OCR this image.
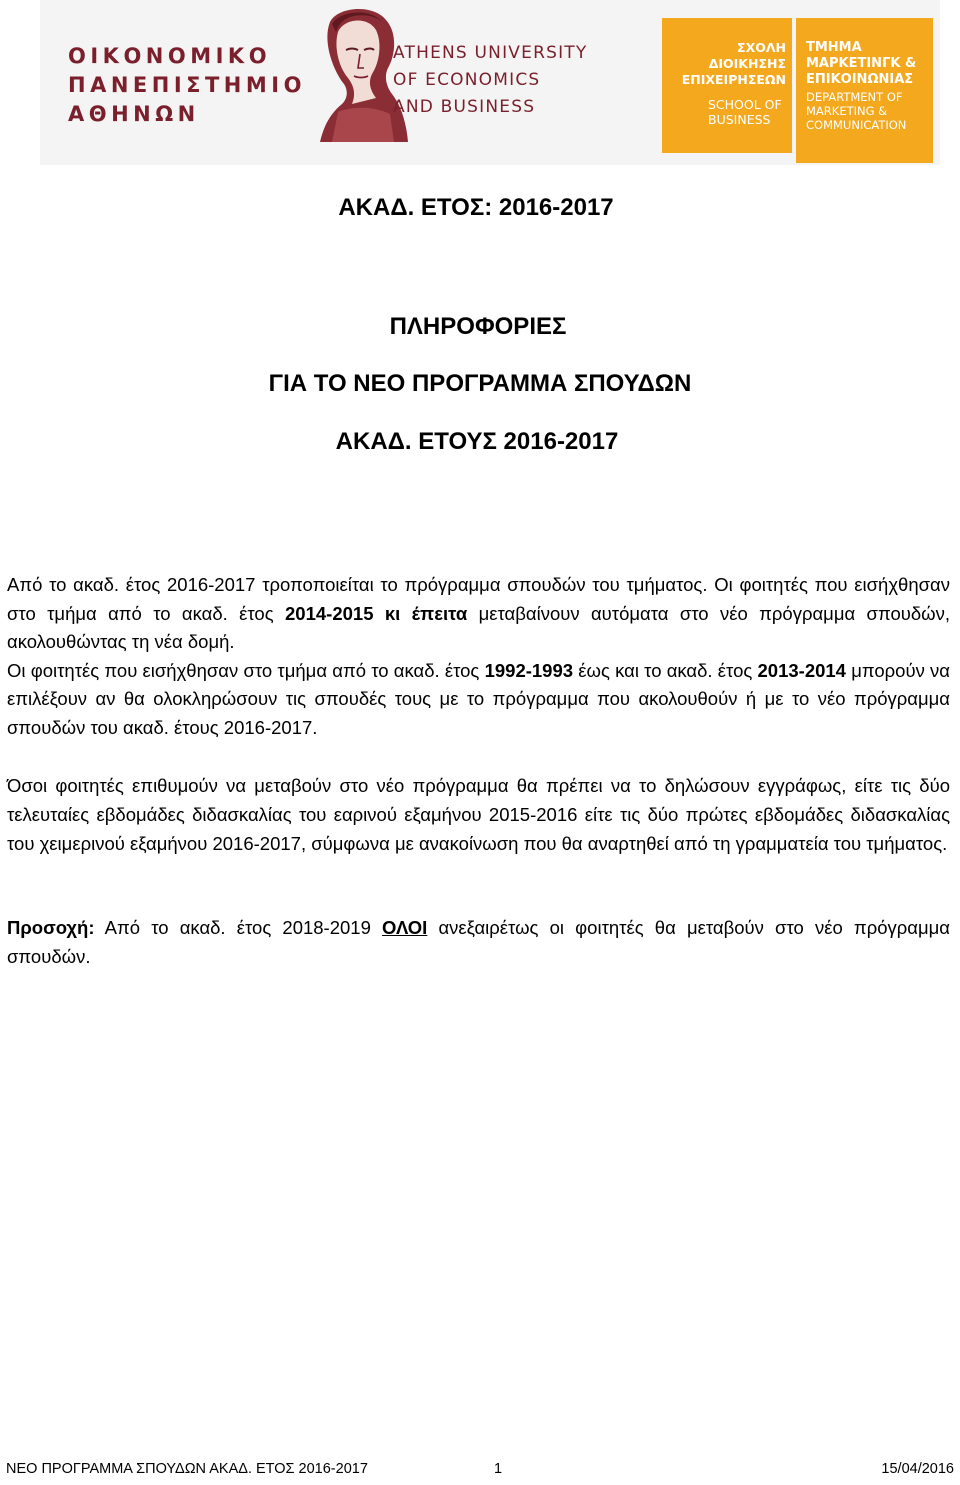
ΟΙΚΟΝΟΜΙΚΟ
ΠΑΝΕΠΙΣΤΗΜΙΟ
ΑΘΗΝΩΝ
ATHENS UNIVERSITY
OF ECONOMICS
AND BUSINESS
ΣΧΟΛΗ
ΔΙΟΙΚΗΣΗΣ
ΕΠΙΧΕΙΡΗΣΕΩΝ
SCHOOL OF
BUSINESS
ΤΜΗΜΑ
ΜΑΡΚΕΤΙΝΓΚ &
ΕΠΙΚΟΙΝΩΝΙΑΣ
DEPARTMENT OF
MARKETING &
COMMUNICATION
ΑΚΑΔ. ΕΤΟΣ: 2016-2017
ΠΛΗΡΟΦΟΡΙΕΣ
ΓΙΑ ΤΟ ΝΕΟ ΠΡΟΓΡΑΜΜΑ ΣΠΟΥΔΩΝ
ΑΚΑΔ. ΕΤΟΥΣ 2016-2017
Από το ακαδ. έτος 2016-2017 τροποποιείται το πρόγραμμα σπουδών του τμήματος. Οι φοιτητές που εισήχθησαν στο τμήμα από το ακαδ. έτος 2014-2015 κι έπειτα μεταβαίνουν αυτόματα στο νέο πρόγραμμα σπουδών, ακολουθώντας τη νέα δομή.
Οι φοιτητές που εισήχθησαν στο τμήμα από το ακαδ. έτος 1992-1993 έως και το ακαδ. έτος 2013-2014 μπορούν να επιλέξουν αν θα ολοκληρώσουν τις σπουδές τους με το πρόγραμμα που ακολουθούν ή με το νέο πρόγραμμα σπουδών του ακαδ. έτους 2016-2017.
Όσοι φοιτητές επιθυμούν να μεταβούν στο νέο πρόγραμμα θα πρέπει να το δηλώσουν εγγράφως, είτε τις δύο τελευταίες εβδομάδες διδασκαλίας του εαρινού εξαμήνου 2015-2016 είτε τις δύο πρώτες εβδομάδες διδασκαλίας του χειμερινού εξαμήνου 2016-2017, σύμφωνα με ανακοίνωση που θα αναρτηθεί από τη γραμματεία του τμήματος.
Προσοχή: Από το ακαδ. έτος 2018-2019 ΟΛΟΙ ανεξαιρέτως οι φοιτητές θα μεταβούν στο νέο πρόγραμμα σπουδών.
ΝΕΟ ΠΡΟΓΡΑΜΜΑ ΣΠΟΥΔΩΝ ΑΚΑΔ. ΕΤΟΣ 2016-2017	1	15/04/2016
